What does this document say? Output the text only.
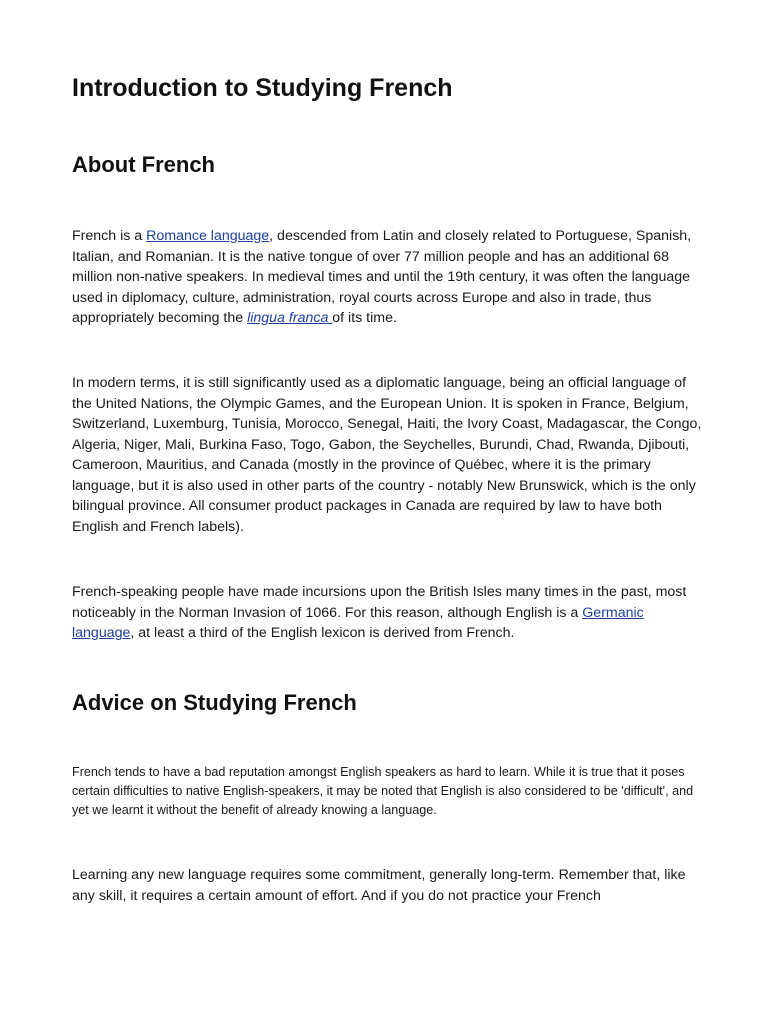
Introduction to Studying French
About French

French is a Romance language, descended from Latin and closely related to Portuguese, Spanish, Italian, and Romanian. It is the native tongue of over 77 million people and has an additional 68 million non-native speakers. In medieval times and until the 19th century, it was often the language used in diplomacy, culture, administration, royal courts across Europe and also in trade, thus appropriately becoming the lingua franca of its time.

In modern terms, it is still significantly used as a diplomatic language, being an official language of the United Nations, the Olympic Games, and the European Union. It is spoken in France, Belgium, Switzerland, Luxemburg, Tunisia, Morocco, Senegal, Haiti, the Ivory Coast, Madagascar, the Congo, Algeria, Niger, Mali, Burkina Faso, Togo, Gabon, the Seychelles, Burundi, Chad, Rwanda, Djibouti, Cameroon, Mauritius, and Canada (mostly in the province of Québec, where it is the primary language, but it is also used in other parts of the country - notably New Brunswick, which is the only bilingual province. All consumer product packages in Canada are required by law to have both English and French labels).

French-speaking people have made incursions upon the British Isles many times in the past, most noticeably in the Norman Invasion of 1066. For this reason, although English is a Germanic language, at least a third of the English lexicon is derived from French.

Advice on Studying French

French tends to have a bad reputation amongst English speakers as hard to learn. While it is true that it poses certain difficulties to native English-speakers, it may be noted that English is also considered to be 'difficult', and yet we learnt it without the benefit of already knowing a language.

Learning any new language requires some commitment, generally long-term. Remember that, like any skill, it requires a certain amount of effort. And if you do not practice your French
